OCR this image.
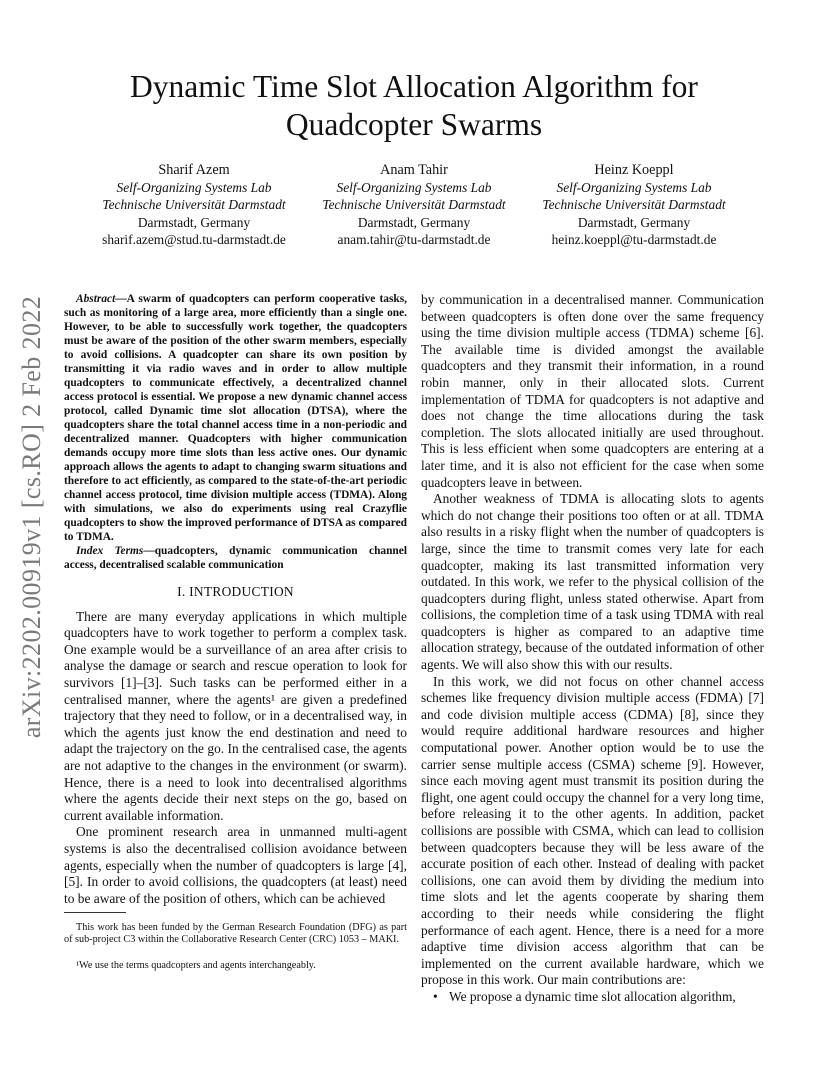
arXiv:2202.00919v1 [cs.RO] 2 Feb 2022
Dynamic Time Slot Allocation Algorithm for
Quadcopter Swarms
Sharif Azem
Self-Organizing Systems Lab
Technische Universität Darmstadt
Darmstadt, Germany
sharif.azem@stud.tu-darmstadt.de
Anam Tahir
Self-Organizing Systems Lab
Technische Universität Darmstadt
Darmstadt, Germany
anam.tahir@tu-darmstadt.de
Heinz Koeppl
Self-Organizing Systems Lab
Technische Universität Darmstadt
Darmstadt, Germany
heinz.koeppl@tu-darmstadt.de

Abstract—A swarm of quadcopters can perform cooperative tasks, such as monitoring of a large area, more efficiently than a single one. However, to be able to successfully work together, the quadcopters must be aware of the position of the other swarm members, especially to avoid collisions. A quadcopter can share its own position by transmitting it via radio waves and in order to allow multiple quadcopters to communicate effectively, a decentralized channel access protocol is essential. We propose a new dynamic channel access protocol, called Dynamic time slot allocation (DTSA), where the quadcopters share the total channel access time in a non-periodic and decentralized manner. Quadcopters with higher communication demands occupy more time slots than less active ones. Our dynamic approach allows the agents to adapt to changing swarm situations and therefore to act efficiently, as compared to the state-of-the-art periodic channel access protocol, time division multiple access (TDMA). Along with simulations, we also do experiments using real Crazyflie quadcopters to show the improved performance of DTSA as compared to TDMA.

Index Terms—quadcopters, dynamic communication channel access, decentralised scalable communication

I. INTRODUCTION

There are many everyday applications in which multiple quadcopters have to work together to perform a complex task. One example would be a surveillance of an area after crisis to analyse the damage or search and rescue operation to look for survivors [1]–[3]. Such tasks can be performed either in a centralised manner, where the agents¹ are given a predefined trajectory that they need to follow, or in a decentralised way, in which the agents just know the end destination and need to adapt the trajectory on the go. In the centralised case, the agents are not adaptive to the changes in the environment (or swarm). Hence, there is a need to look into decentralised algorithms where the agents decide their next steps on the go, based on current available information.

One prominent research area in unmanned multi-agent systems is also the decentralised collision avoidance between agents, especially when the number of quadcopters is large [4], [5]. In order to avoid collisions, the quadcopters (at least) need to be aware of the position of others, which can be achieved

This work has been funded by the German Research Foundation (DFG) as part of sub-project C3 within the Collaborative Research Center (CRC) 1053 – MAKI.
¹We use the terms quadcopters and agents interchangeably.

by communication in a decentralised manner. Communication between quadcopters is often done over the same frequency using the time division multiple access (TDMA) scheme [6]. The available time is divided amongst the available quadcopters and they transmit their information, in a round robin manner, only in their allocated slots. Current implementation of TDMA for quadcopters is not adaptive and does not change the time allocations during the task completion. The slots allocated initially are used throughout. This is less efficient when some quadcopters are entering at a later time, and it is also not efficient for the case when some quadcopters leave in between.

Another weakness of TDMA is allocating slots to agents which do not change their positions too often or at all. TDMA also results in a risky flight when the number of quadcopters is large, since the time to transmit comes very late for each quadcopter, making its last transmitted information very outdated. In this work, we refer to the physical collision of the quadcopters during flight, unless stated otherwise. Apart from collisions, the completion time of a task using TDMA with real quadcopters is higher as compared to an adaptive time allocation strategy, because of the outdated information of other agents. We will also show this with our results.

In this work, we did not focus on other channel access schemes like frequency division multiple access (FDMA) [7] and code division multiple access (CDMA) [8], since they would require additional hardware resources and higher computational power. Another option would be to use the carrier sense multiple access (CSMA) scheme [9]. However, since each moving agent must transmit its position during the flight, one agent could occupy the channel for a very long time, before releasing it to the other agents. In addition, packet collisions are possible with CSMA, which can lead to collision between quadcopters because they will be less aware of the accurate position of each other. Instead of dealing with packet collisions, one can avoid them by dividing the medium into time slots and let the agents cooperate by sharing them according to their needs while considering the flight performance of each agent. Hence, there is a need for a more adaptive time division access algorithm that can be implemented on the current available hardware, which we propose in this work. Our main contributions are:

• We propose a dynamic time slot allocation algorithm,
